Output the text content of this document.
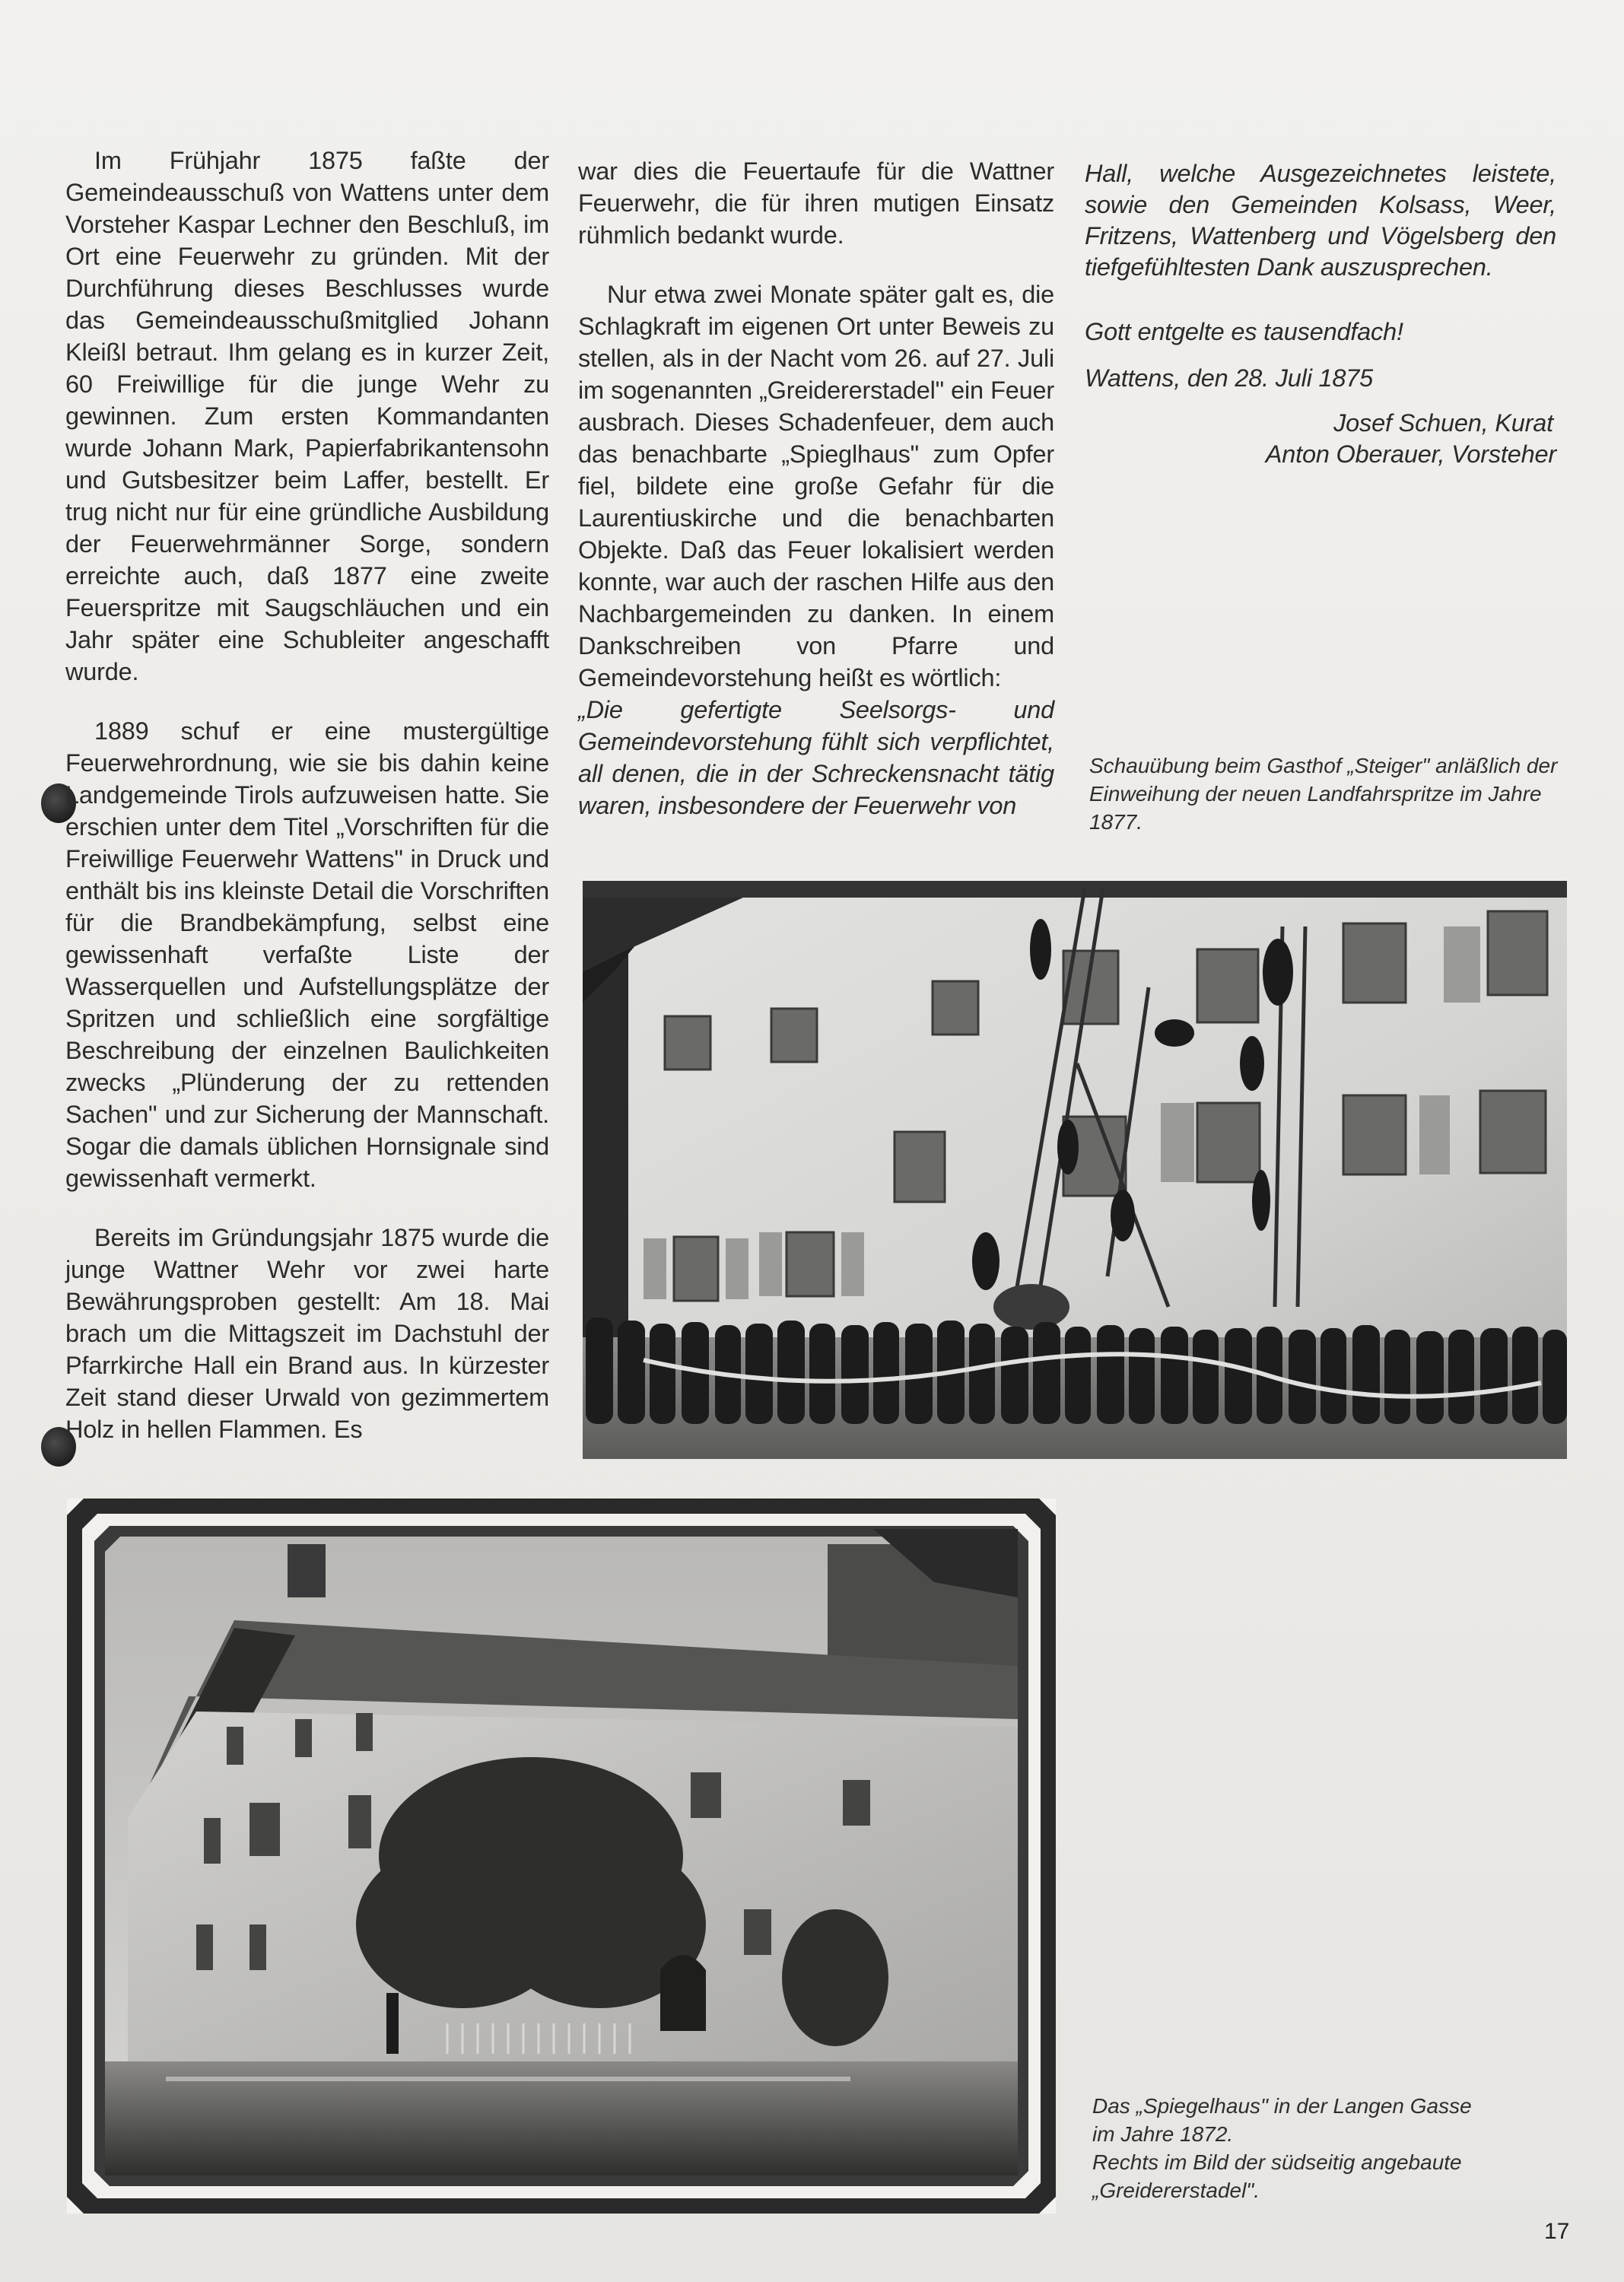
Im Frühjahr 1875 faßte der Gemeindeausschuß von Wattens unter dem Vorsteher Kaspar Lechner den Beschluß, im Ort eine Feuerwehr zu gründen. Mit der Durchführung dieses Beschlusses wurde das Gemeindeausschußmitglied Johann Kleißl betraut. Ihm gelang es in kurzer Zeit, 60 Freiwillige für die junge Wehr zu gewinnen. Zum ersten Kommandanten wurde Johann Mark, Papierfabrikantensohn und Gutsbesitzer beim Laffer, bestellt. Er trug nicht nur für eine gründliche Ausbildung der Feuerwehrmänner Sorge, sondern erreichte auch, daß 1877 eine zweite Feuerspritze mit Saugschläuchen und ein Jahr später eine Schubleiter angeschafft wurde.

1889 schuf er eine mustergültige Feuerwehrordnung, wie sie bis dahin keine Landgemeinde Tirols aufzuweisen hatte. Sie erschien unter dem Titel „Vorschriften für die Freiwillige Feuerwehr Wattens" in Druck und enthält bis ins kleinste Detail die Vorschriften für die Brandbekämpfung, selbst eine gewissenhaft verfaßte Liste der Wasserquellen und Aufstellungsplätze der Spritzen und schließlich eine sorgfältige Beschreibung der einzelnen Baulichkeiten zwecks „Plünderung der zu rettenden Sachen" und zur Sicherung der Mannschaft. Sogar die damals üblichen Hornsignale sind gewissenhaft vermerkt.

Bereits im Gründungsjahr 1875 wurde die junge Wattner Wehr vor zwei harte Bewährungsproben gestellt: Am 18. Mai brach um die Mittagszeit im Dachstuhl der Pfarrkirche Hall ein Brand aus. In kürzester Zeit stand dieser Urwald von gezimmertem Holz in hellen Flammen. Es

war dies die Feuertaufe für die Wattner Feuerwehr, die für ihren mutigen Einsatz rühmlich bedankt wurde.

Nur etwa zwei Monate später galt es, die Schlagkraft im eigenen Ort unter Beweis zu stellen, als in der Nacht vom 26. auf 27. Juli im sogenannten „Greidererstadel" ein Feuer ausbrach. Dieses Schadenfeuer, dem auch das benachbarte „Spieglhaus" zum Opfer fiel, bildete eine große Gefahr für die Laurentiuskirche und die benachbarten Objekte. Daß das Feuer lokalisiert werden konnte, war auch der raschen Hilfe aus den Nachbargemeinden zu danken. In einem Dankschreiben von Pfarre und Gemeindevorstehung heißt es wörtlich:

„Die gefertigte Seelsorgs- und Gemeindevorstehung fühlt sich verpflichtet, all denen, die in der Schreckensnacht tätig waren, insbesondere der Feuerwehr von

Hall, welche Ausgezeichnetes leistete, sowie den Gemeinden Kolsass, Weer, Fritzens, Wattenberg und Vögelsberg den tiefgefühltesten Dank auszusprechen.

Gott entgelte es tausendfach!

Wattens, den 28. Juli 1875

Josef Schuen, Kurat

Anton Oberauer, Vorsteher

Schauübung beim Gasthof „Steiger" anläßlich der Einweihung der neuen Landfahrspritze im Jahre 1877.
Das „Spiegelhaus" in der Langen Gasse
im Jahre 1872.
Rechts im Bild der südseitig angebaute
„Greidererstadel".
17
